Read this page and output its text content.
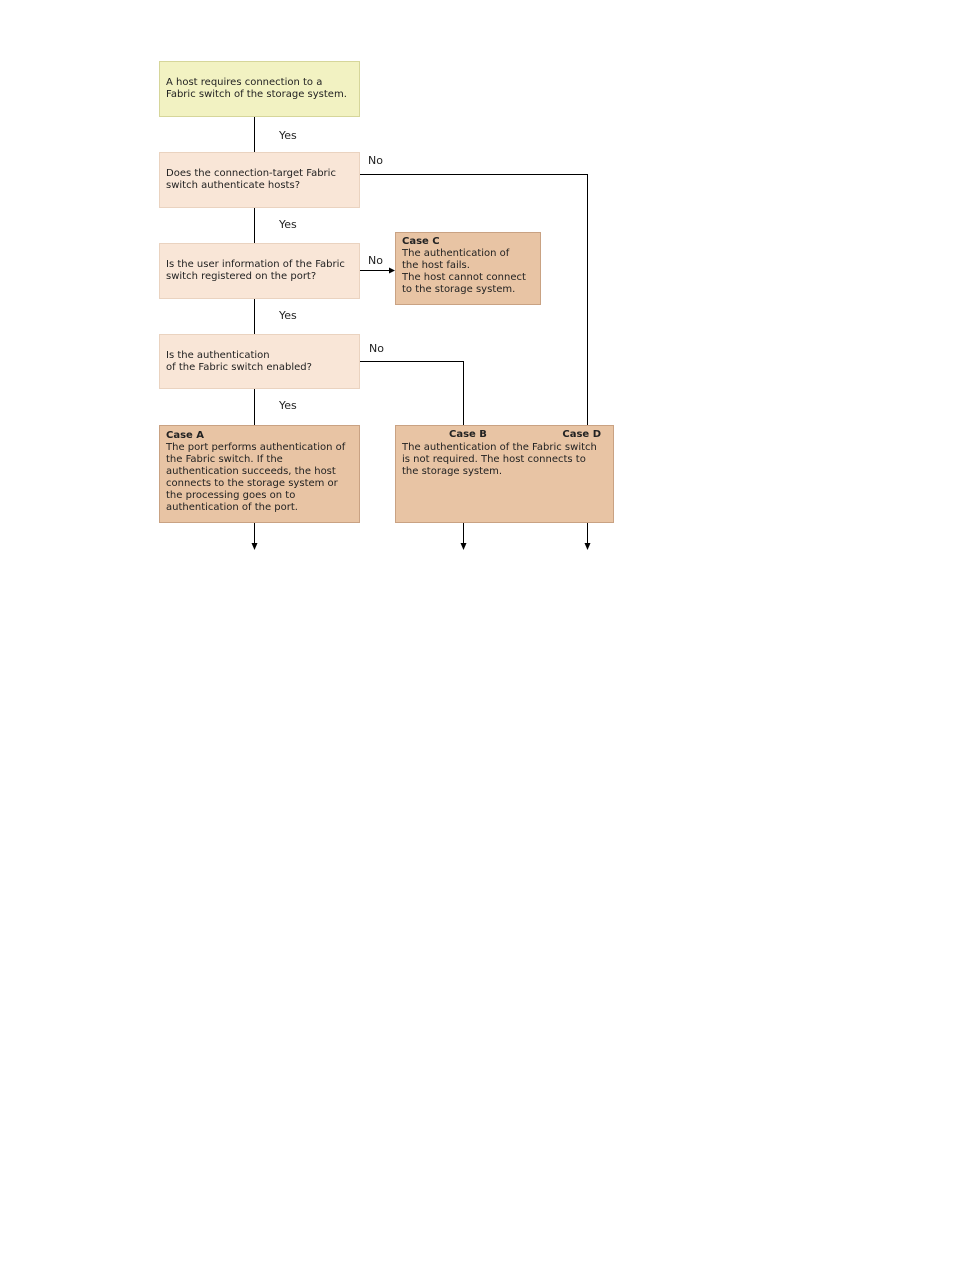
A host requires connection to a
Fabric switch of the storage system.
Does the connection-target Fabric
switch authenticate hosts?
Is the user information of the Fabric
switch registered on the port?
Is the authentication
of the Fabric switch enabled?
Case A
The port performs authentication of
the Fabric switch. If the
authentication succeeds, the host
connects to the storage system or
the processing goes on to
authentication of the port.
Case C
The authentication of
the host fails.
The host cannot connect
to the storage system.
Case B	Case D
The authentication of the Fabric switch
is not required. The host connects to
the storage system.
Yes
Yes
Yes
Yes
No
No
No
